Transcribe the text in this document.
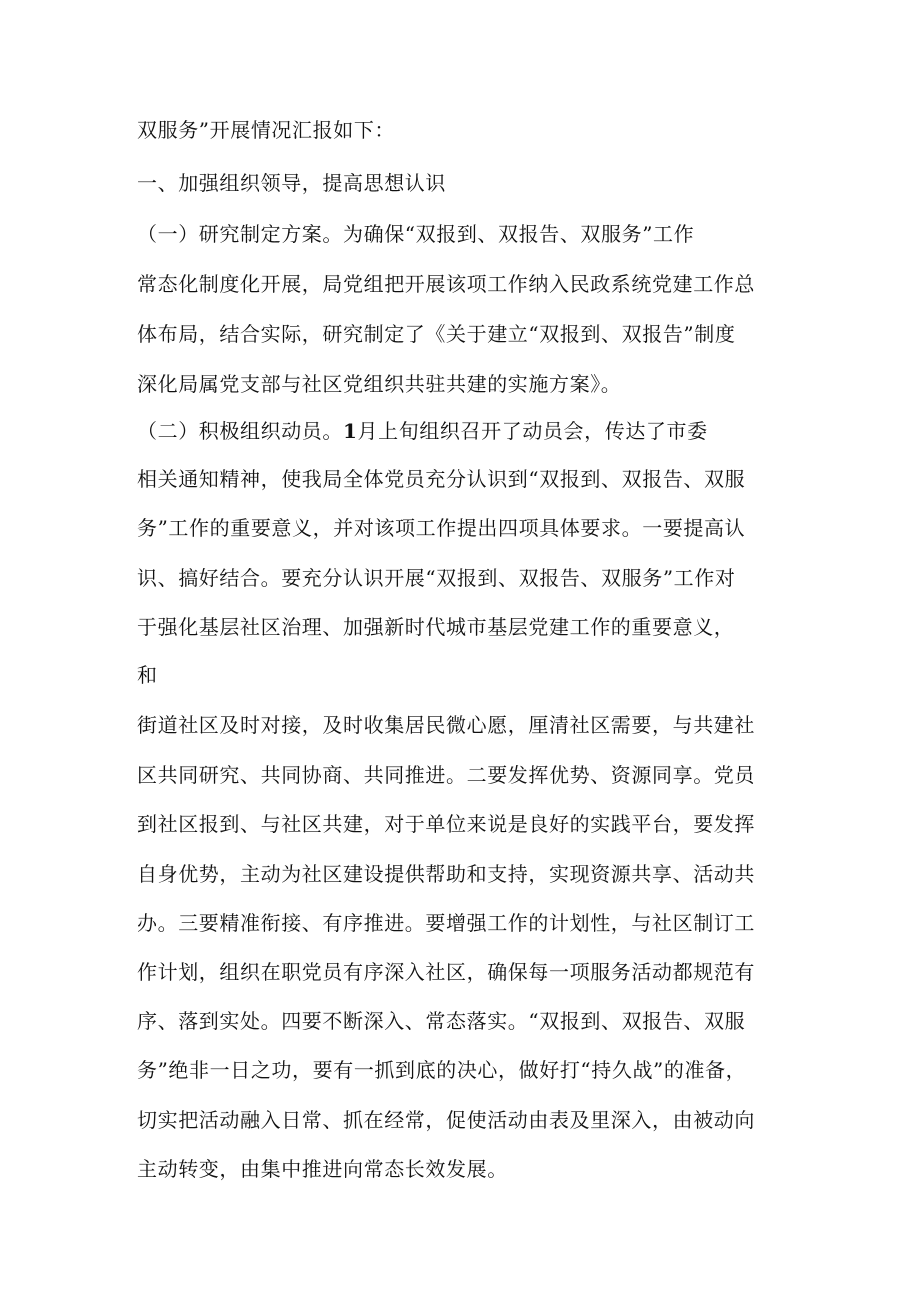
双服务”开展情况汇报如下：
一、加强组织领导，提高思想认识
（一）研究制定方案。为确保“双报到、双报告、双服务”工作
常态化制度化开展，局党组把开展该项工作纳入民政系统党建工作总
体布局，结合实际，研究制定了《关于建立“双报到、双报告”制度
深化局属党支部与社区党组织共驻共建的实施方案》。
（二）积极组织动员。1月上旬组织召开了动员会，传达了市委
相关通知精神，使我局全体党员充分认识到“双报到、双报告、双服
务”工作的重要意义，并对该项工作提出四项具体要求。一要提高认
识、搞好结合。要充分认识开展“双报到、双报告、双服务”工作对
于强化基层社区治理、加强新时代城市基层党建工作的重要意义，
和
街道社区及时对接，及时收集居民微心愿，厘清社区需要，与共建社
区共同研究、共同协商、共同推进。二要发挥优势、资源同享。党员
到社区报到、与社区共建，对于单位来说是良好的实践平台，要发挥
自身优势，主动为社区建设提供帮助和支持，实现资源共享、活动共
办。三要精准衔接、有序推进。要增强工作的计划性，与社区制订工
作计划，组织在职党员有序深入社区，确保每一项服务活动都规范有
序、落到实处。四要不断深入、常态落实。“双报到、双报告、双服
务”绝非一日之功，要有一抓到底的决心，做好打“持久战”的准备，
切实把活动融入日常、抓在经常，促使活动由表及里深入，由被动向
主动转变，由集中推进向常态长效发展。
